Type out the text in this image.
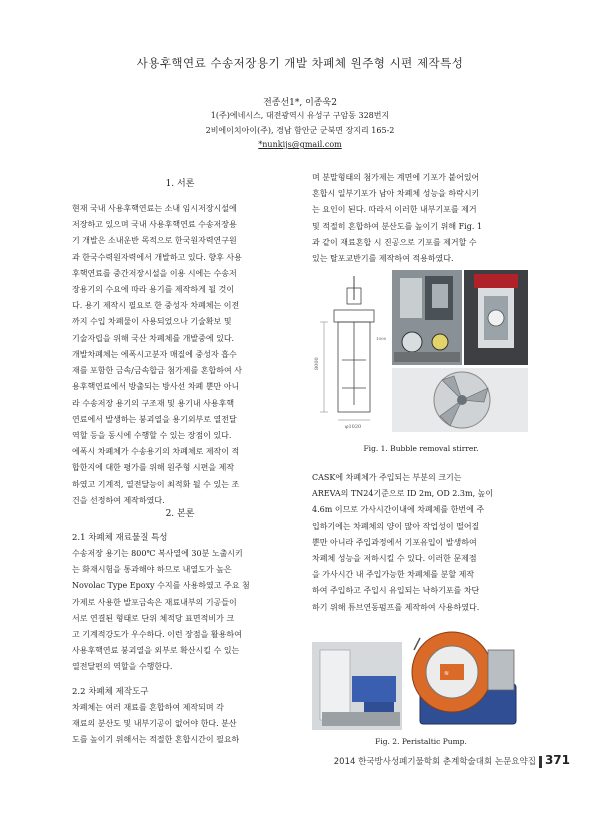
사용후핵연료 수송저장용기 개발 차폐체 원주형 시편 제작특성
전종선1*, 이종욱2
1(주)에네시스, 대전광역시 유성구 구암동 328번지
2비에이치아이(주), 경남 함안군 군북면 장지리 165-2
*nunkijs@gmail.com
1. 서론

현재 국내 사용후핵연료는 소내 임시저장시설에

저장하고 있으며 국내 사용후핵연료 수송저장용

기 개발은 소내운반 목적으로 한국원자력연구원

과 한국수력원자력에서 개발하고 있다. 향후 사용

후핵연료를 중간저장시설을 이용 시에는 수송저

장용기의 수요에 따라 용기를 제작하게 될 것이

다. 용기 제작시 필요로 한 중성자 차폐체는 이전

까지 수입 차폐물이 사용되었으나 기술확보 및

기술자립을 위해 국산 차폐체를 개발중에 있다.

개발차폐체는 에폭시고분자 매질에 중성자 흡수

재를 포함한 금속/금속합금 첨가제를 혼합하여 사

용후핵연료에서 방출되는 방사선 차폐 뿐만 아니

라 수송저장 용기의 구조재 및 용기내 사용후핵

연료에서 발생하는 붕괴열을 용기외부로 열전달

역할 등을 동시에 수행할 수 있는 장점이 있다.

에폭시 차폐체가 수송용기의 차폐체로 제작이 적

합한지에 대한 평가를 위해 원주형 시편을 제작

하였고 기계적, 열전달능이 최적화 될 수 있는 조

건을 선정하여 제작하였다.

2. 본론
2.1 차폐체 재료물질 특성

수송저장 용기는 800℃ 복사열에 30분 노출시키

는 화재시험을 통과해야 하므로 내열도가 높은

Novolac Type Epoxy 수지를 사용하였고 주요 첨

가제로 사용한 발포금속은 재료내부의 기공들이

서로 연결된 형태로 단위 체적당 표면적비가 크

고 기계적강도가 우수하다. 이런 장점을 활용하여

사용후핵연료 붕괴열을 외부로 확산시킬 수 있는

열전달편의 역할을 수행한다.

2.2 차폐체 제작도구

차폐체는 여러 재료를 혼합하여 제작되며 각

재료의 분산도 및 내부기공이 없어야 한다. 분산

도를 높이기 위해서는 적절한 혼합시간이 필요하

며 분말형태의 첨가제는 계면에 기포가 붙어있어

혼합시 일부기포가 남아 차폐체 성능을 하락시키

는 요인이 된다. 따라서 이러한 내부기포를 제거

및 적절히 혼합하여 분산도를 높이기 위해 Fig. 1

과 같이 재료혼합 시 진공으로 기포를 제거할 수

있는 탈포교반기를 제작하여 적용하였다.

8000
φ1020
1000
Fig. 1. Bubble removal stirrer.

CASK에 차폐체가 주입되는 부분의 크기는

AREVA의 TN24기준으로 ID 2m, OD 2.3m, 높이

4.6m 이므로 가사시간이내에 차폐체를 한번에 주

입하기에는 차폐체의 양이 많아 작업성이 떨어질

뿐만 아니라 주입과정에서 기포유입이 발생하여

차폐체 성능을 저하시킬 수 있다. 이러한 문제점

을 가사시간 내 주입가능한 차폐체를 분할 제작

하여 주입하고 주입시 유입되는 낙하기포를 차단

하기 위해 튜브연동펌프를 제작하여 사용하였다.

≋
Fig. 2. Peristaltic Pump.
2014 한국방사성폐기물학회 춘계학술대회 논문요약집 371
